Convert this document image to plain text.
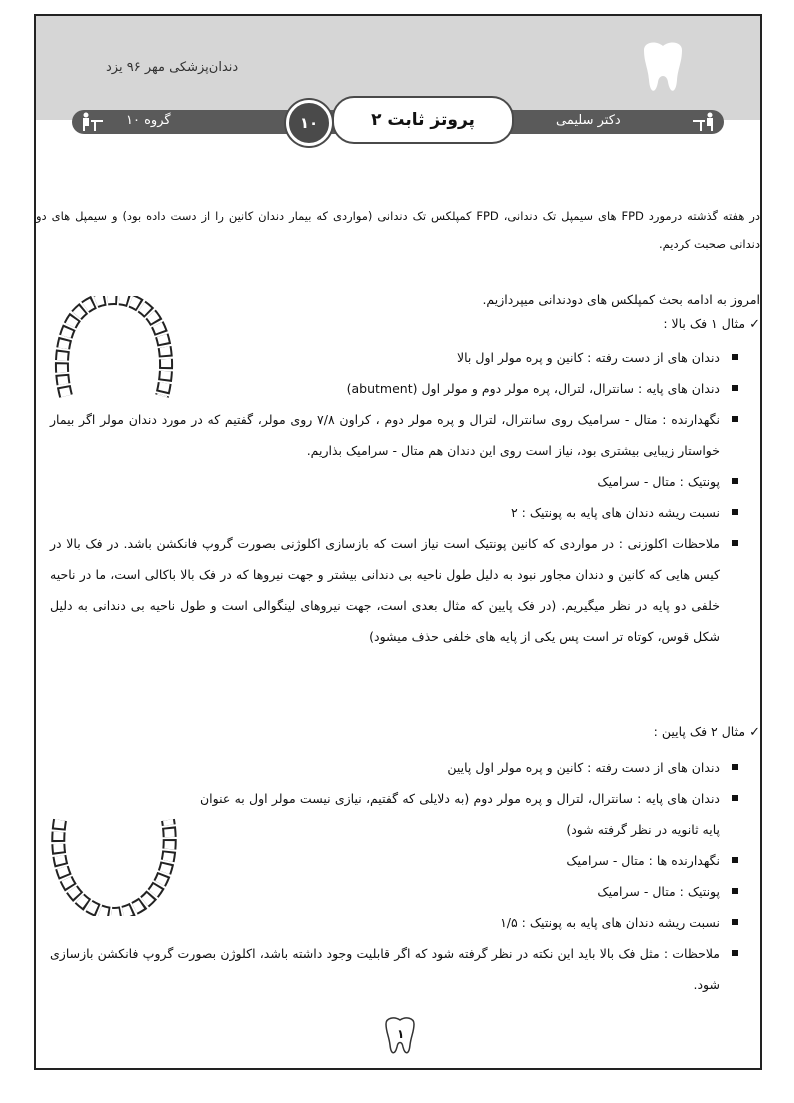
دندان‌پزشکی مهر ۹۶ یزد
گروه ۱۰	۱۰	پروتز ثابت ۲	دکتر سلیمی
در هفته گذشته درمورد FPD های سیمپل تک دندانی، FPD کمپلکس تک دندانی (مواردی که بیمار دندان کانین را از دست داده بود) و سیمپل های دو دندانی صحبت کردیم.
امروز به ادامه بحث کمپلکس های دودندانی میپردازیم.
✓مثال ۱ فک بالا :
دندان های از دست رفته : کانین و پره مولر اول بالا
دندان های پایه : سانترال، لترال، پره مولر دوم و مولر اول (abutment)
نگهدارنده : متال - سرامیک روی سانترال، لترال و پره مولر دوم ، کراون ۷/۸ روی مولر، گفتیم که در مورد دندان مولر اگر بیمار خواستار زیبایی بیشتری بود، نیاز است روی این دندان هم متال - سرامیک بذاریم.
پونتیک : متال - سرامیک
نسبت ریشه دندان های پایه به پونتیک : ۲
ملاحظات اکلوزنی : در مواردی که کانین پونتیک است نیاز است که بازسازی اکلوژنی بصورت گروپ فانکشن باشد. در فک بالا در کیس هایی که کانین و دندان مجاور نبود به دلیل طول ناحیه بی دندانی بیشتر و جهت نیروها که در فک بالا باکالی است، ما در ناحیه خلفی دو پایه در نظر میگیریم. (در فک پایین که مثال بعدی است، جهت نیروهای لینگوالی است و طول ناحیه بی دندانی به دلیل شکل قوس، کوتاه تر است پس یکی از پایه های خلفی حذف میشود)
✓مثال ۲ فک پایین :
دندان های از دست رفته : کانین و پره مولر اول پایین
دندان های پایه : سانترال، لترال و پره مولر دوم (به دلایلی که گفتیم، نیازی نیست مولر اول به عنوان پایه ثانویه در نظر گرفته شود)
نگهدارنده ها : متال - سرامیک
پونتیک : متال - سرامیک
نسبت ریشه دندان های پایه به پونتیک : ۱/۵
ملاحظات : مثل فک بالا باید این نکته در نظر گرفته شود که اگر قابلیت وجود داشته باشد، اکلوژن بصورت گروپ فانکشن بازسازی شود.
۱
